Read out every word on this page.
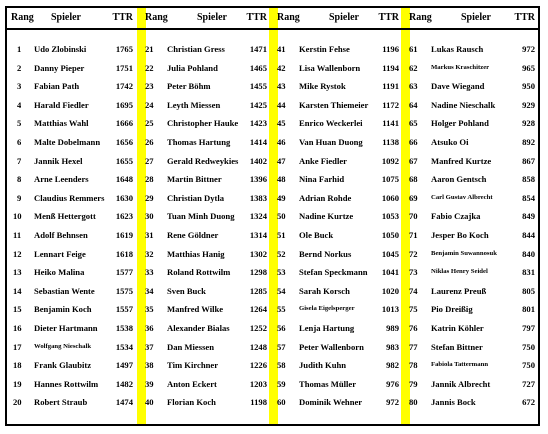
Rang Spieler	TTR Rang	Spieler	TTR Rang	Spieler	TTR Rang	Spieler	TTR
1 Udo Zlobinski	1765
2 Danny Pieper	1751
3 Fabian Path	1742
4 Harald Fiedler	1695
5 Matthias Wahl	1666
6 Malte Dobelmann	1656
7 Jannik Hexel	1655
8 Arne Leenders	1648
9 Claudius Remmers	1630
10 Menß Hettergott	1623
11 Adolf Behnsen	1619
12 Lennart Feige	1618
13 Heiko Malina	1577
14 Sebastian Wente	1575
15 Benjamin Koch	1557
16 Dieter Hartmann	1538
17 Wolfgang Nieschalk	1534
18 Frank Glaubitz	1497
19 Hannes Rottwilm	1482
20 Robert Straub	1474
21 Christian Gress	1471
22 Julia Pohland	1465
23 Peter Böhm	1455
24 Leyth Miessen	1425
25 Christopher Hauke	1423
26 Thomas Hartung	1414
27 Gerald Redweykies	1402
28 Martin Bittner	1396
29 Christian Dytla	1383
30 Tuan Minh Duong	1324
31 Rene Göldner	1314
32 Matthias Hanig	1302
33 Roland Rottwilm	1298
34 Sven Buck	1285
35 Manfred Wilke	1264
36 Alexander Bialas	1252
37 Dan Miessen	1248
38 Tim Kirchner	1226
39 Anton Eckert	1203
40 Florian Koch	1198
41 Kerstin Fehse	1196
42 Lisa Wallenborn	1194
43 Mike Rystok	1191
44 Karsten Thiemeier	1172
45 Enrico Weckerlei	1141
46 Van Huan Duong	1138
47 Anke Fiedler	1092
48 Nina Farhid	1075
49 Adrian Rohde	1060
50 Nadine Kurtze	1053
51 Ole Buck	1050
52 Bernd Norkus	1045
53 Stefan Speckmann	1041
54 Sarah Korsch	1020
55 Gisela Eigelsperger	1013
56 Lenja Hartung	989
57 Peter Wallenborn	983
58 Judith Kuhn	982
59 Thomas Müller	976
60 Dominik Wehner	972
61 Lukas Rausch	972
62 Markus Kraschitzer	965
63 Dave Wiegand	950
64 Nadine Nieschalk	929
65 Holger Pohland	928
66 Atsuko Oi	892
67 Manfred Kurtze	867
68 Aaron Gentsch	858
69 Carl Gustav Albrecht	854
70 Fabio Czajka	849
71 Jesper Bo Koch	844
72 Benjamin Suwannosuk	840
73 Niklas Henry Seidel	831
74 Laurenz Preuß	805
75 Pio Dreißig	801
76 Katrin Köhler	797
77 Stefan Bittner	750
78 Fabiola Tattermann	750
79 Jannik Albrecht	727
80 Jannis Bock	672
